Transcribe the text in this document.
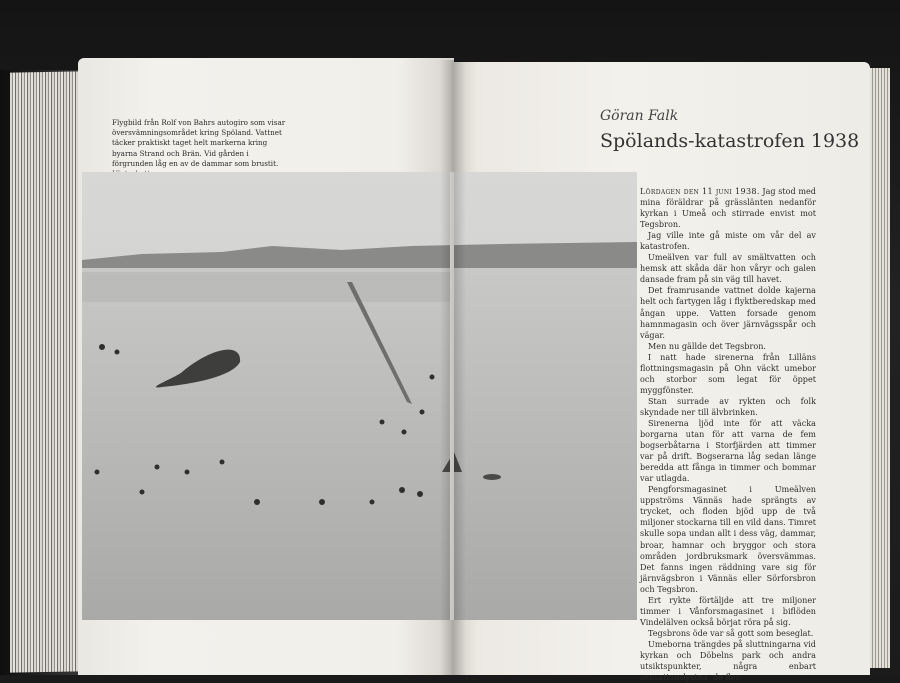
Flygbild från Rolf von Bahrs autogiro som visar översvämningsområdet kring Spöland. Vattnet täcker praktiskt taget helt markerna kring byarna Strand och Brän. Vid gården i förgrunden låg en av de dammar som brustit.
Göran Falk
Spölands-katastrofen 1938

Lördagen den 11 juni 1938. Jag stod med mina föräldrar på grässlänten nedanför kyrkan i Umeå och stirrade envist mot Tegsbron.

Jag ville inte gå miste om vår del av katastrofen.

Umeälven var full av smältvatten och hemsk att skåda där hon våryr och galen dansade fram på sin väg till havet.

Det framrusande vattnet dolde kajerna helt och fartygen låg i flyktberedskap med ångan uppe. Vatten forsade genom hamnmagasin och över järnvägsspår och vägar.

Men nu gällde det Tegsbron.

I natt hade sirenerna från Lilläns flottningsmagasin på Ohn väckt umebor och storbor som legat för öppet myggfönster.

Stan surrade av rykten och folk skyndade ner till älvbrinken.

Sirenerna ljöd inte för att väcka borgarna utan för att varna de fem bogserbåtarna i Storfjärden att timmer var på drift. Bogserarna låg sedan länge beredda att fånga in timmer och bommar var utlagda.

Pengforsmagasinet i Umeälven uppströms Vännäs hade sprängts av trycket, och floden bjöd upp de två miljoner stockarna till en vild dans. Timret skulle sopa undan allt i dess väg, dammar, broar, hamnar och bryggor och stora områden jordbruksmark översvämmas. Det fanns ingen räddning vare sig för järnvägsbron i Vännäs eller Sörforsbron och Tegsbron.

Ert rykte förtäljde att tre miljoner timmer i Vånforsmagasinet i biflöden Vindelälven också börjat röra på sig.

Tegsbrons öde var så gott som beseglat.

Umeborna trängdes på sluttningarna vid kyrkan och Döbelns park och andra utsiktspunkter, några enbart sensationslystna, de fles-
